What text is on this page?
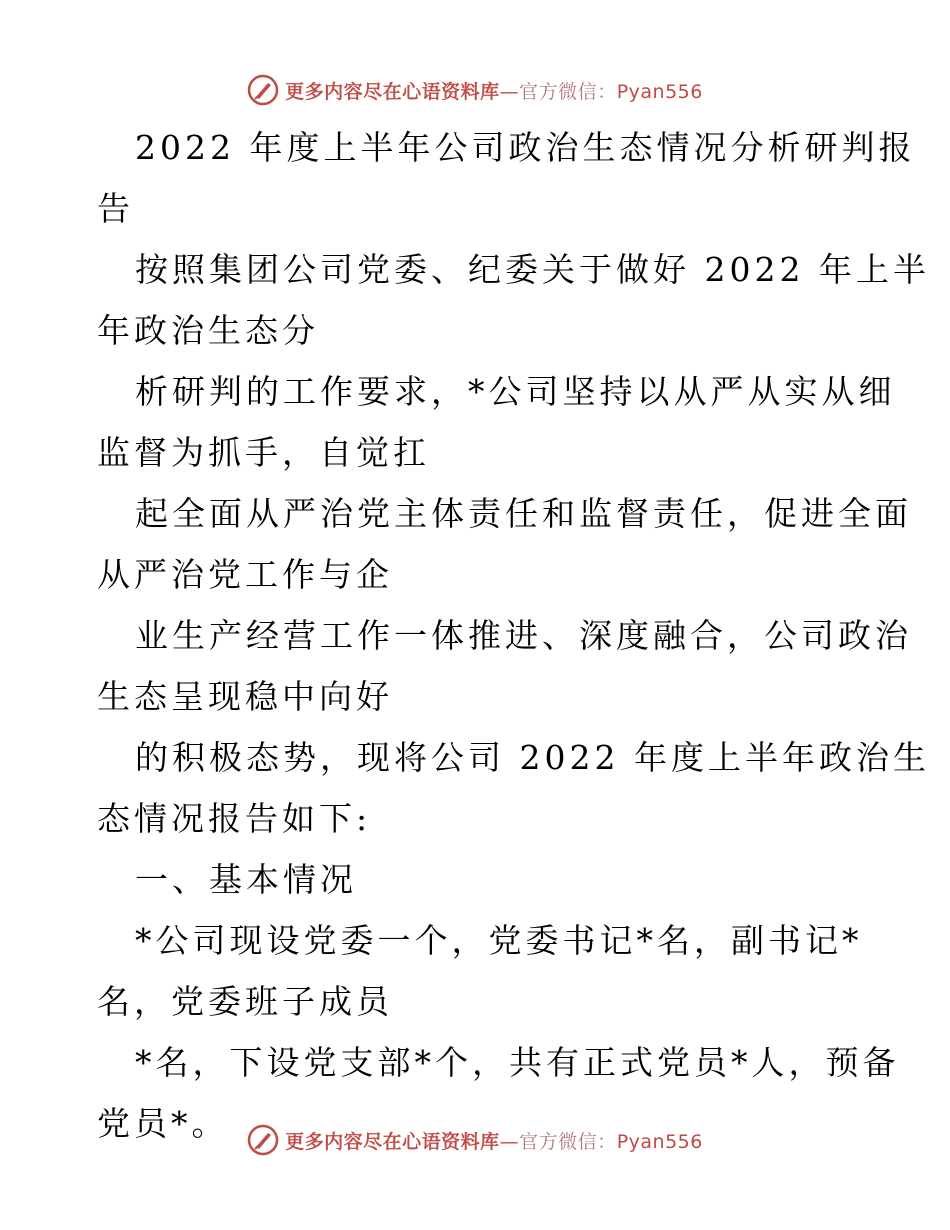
更多内容尽在心语资料库—官方微信：Pyan556
2022 年度上半年公司政治生态情况分析研判报
告
按照集团公司党委、纪委关于做好 2022 年上半
年政治生态分
析研判的工作要求，*公司坚持以从严从实从细
监督为抓手，自觉扛
起全面从严治党主体责任和监督责任，促进全面
从严治党工作与企
业生产经营工作一体推进、深度融合，公司政治
生态呈现稳中向好
的积极态势，现将公司 2022 年度上半年政治生
态情况报告如下:
一、基本情况
*公司现设党委一个，党委书记*名，副书记*
名，党委班子成员
*名，下设党支部*个，共有正式党员*人，预备
党员*。	更多内容尽在心语资料库—官方微信：Pyan556
